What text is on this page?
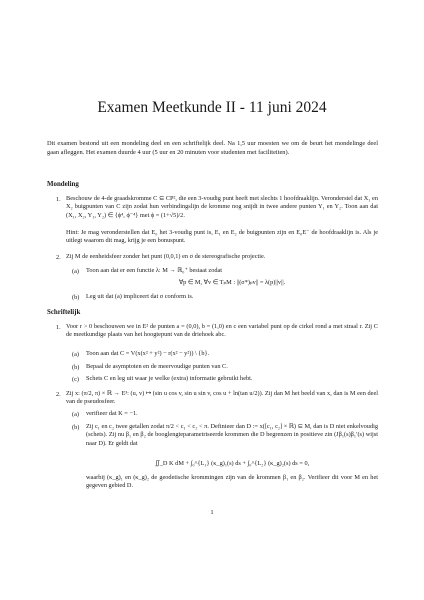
Examen Meetkunde II - 11 juni 2024
Dit examen bestond uit een mondeling deel en een schriftelijk deel. Na 1,5 uur moesten we om de beurt het mondelinge deel gaan afleggen. Het examen duurde 4 uur (5 uur en 20 minuten voor studenten met faciliteiten).
Mondeling
1. Beschouw de 4-de graadskromme C ⊆ CP², die een 3-voudig punt heeft met slechts 1 hoofdraaklijn. Veronderstel dat X₁ en X₂ buigpunten van C zijn zodat hun verbindingslijn de kromme nog snijdt in twee andere punten Y₁ en Y₂. Toon aan dat (X₁, X₂, Y₁, Y₂) ∈ {ϕ⁴, ϕ⁻⁴} met ϕ = (1+√5)/2.
Hint: Je mag veronderstellen dat E₀ het 3-voudig punt is, E₁ en E₂ de buigpunten zijn en E₀E⁻ de hoofdraaklijn is. Als je uitlegt waarom dit mag, krijg je een bonuspunt.
2. Zij M de eenheidsfeer zonder het punt (0,0,1) en σ de stereografische projectie.
(a) Toon aan dat er een functie λ: M → ℝ₀⁺ bestaat zodat
∀p ∈ M, ∀v ∈ TₚM : ||(σ*)ₚv|| = λ(p)||v||.
(b) Leg uit dat (a) impliceert dat σ conform is.
Schriftelijk
1. Voor r > 0 beschouwen we in E² de punten a = (0,0), b = (1,0) en c een variabel punt op de cirkel rond a met straal r. Zij C de meetkundige plaats van het hoogtepunt van de driehoek abc.
(a) Toon aan dat C = V(x(x² + y²) − r(x² − y²)) \ {b}.
(b) Bepaal de asymptoten en de meervoudige punten van C.
(c) Schets C en leg uit waar je welke (extra) informatie gebruikt hebt.
2. Zij x: (π/2, π) × ℝ → E³: (u, v) ↦ (sin u cos v, sin u sin v, cos u + ln(tan u/2)). Zij dan M het beeld van x, dan is M een deel van de pseudosfeer.
(a) verifieer dat K = −1.
(b) Zij c₁ en c₂ twee getallen zodat π/2 < c₁ < c₂ < π. Definieer dan D := x([c₁, c₂] × ℝ) ⊆ M, dan is D niet enkelvoudig (schets). Zij nu β₁ en β₂ de booglengteparametriseerde krommen die D begrenzen in positieve zin (Jβ₁(s)β₁′(s) wijst naar D). Er geldt dat
∬_D K dM + ∫₀^{L₁} (κ_g)₁(s) ds + ∫₀^{L₂} (κ_g)₂(s) ds = 0,
waarbij (κ_g)₁ en (κ_g)₂ de geodetische krommingen zijn van de krommen β₁ en β₂. Verifieer dit voor M en het gegeven gebied D.
1
